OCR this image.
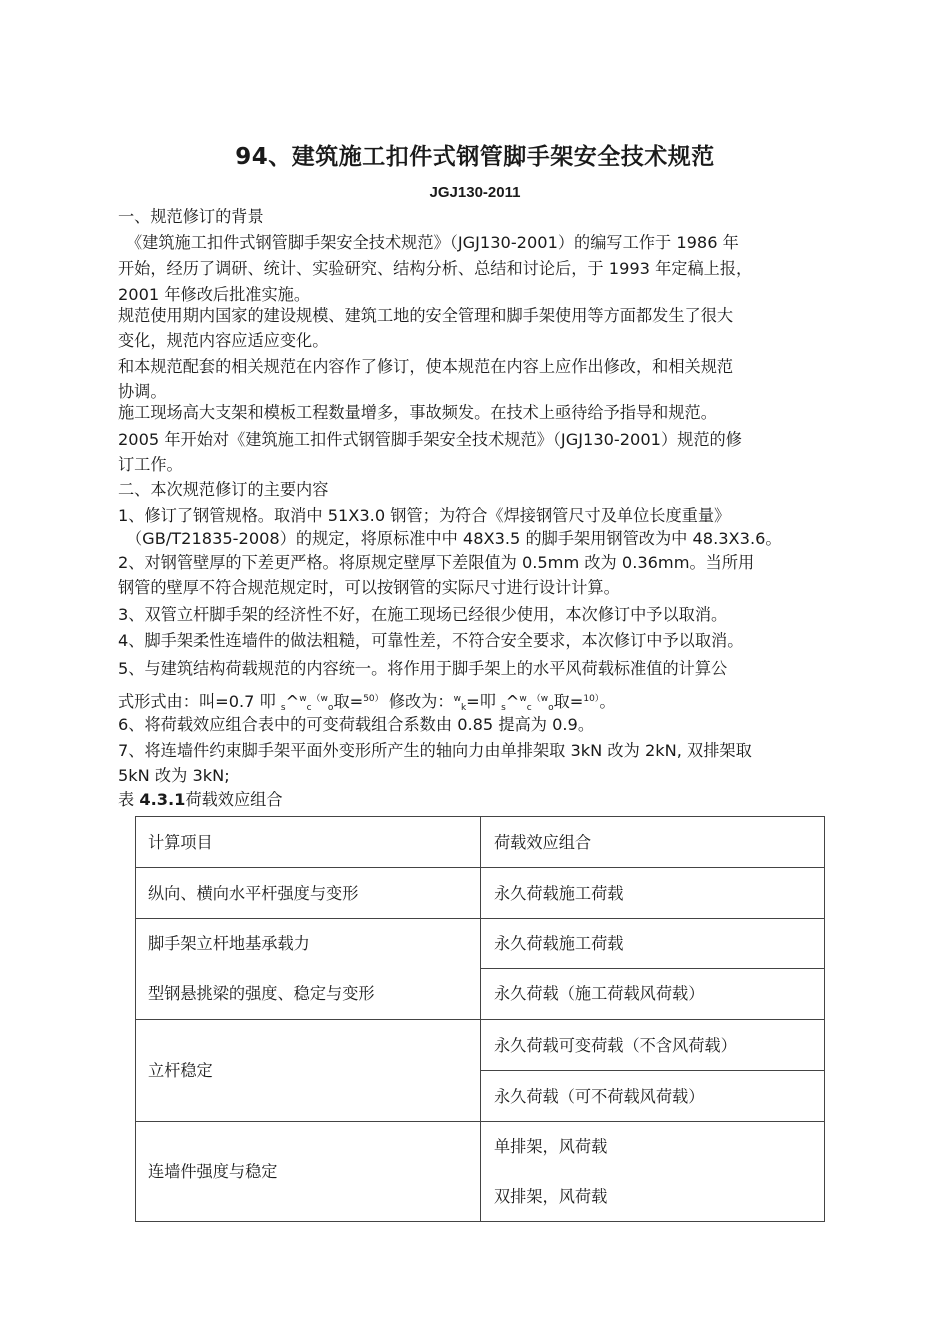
94、建筑施工扣件式钢管脚手架安全技术规范
JGJ130-2011
一、规范修订的背景
《建筑施工扣件式钢管脚手架安全技术规范》（JGJ130-2001）的编写工作于 1986 年
开始，经历了调研、统计、实验研究、结构分析、总结和讨论后，于 1993 年定稿上报，
2001 年修改后批准实施。
规范使用期内国家的建设规模、建筑工地的安全管理和脚手架使用等方面都发生了很大
变化，规范内容应适应变化。
和本规范配套的相关规范在内容作了修订，使本规范在内容上应作出修改，和相关规范
协调。
施工现场高大支架和模板工程数量增多，事故频发。在技术上亟待给予指导和规范。
2005 年开始对《建筑施工扣件式钢管脚手架安全技术规范》（JGJ130-2001）规范的修
订工作。
二、本次规范修订的主要内容
1、修订了钢管规格。取消中 51X3.0 钢管；为符合《焊接钢管尺寸及单位长度重量》
（GB/T21835-2008）的规定，将原标准中中 48X3.5 的脚手架用钢管改为中 48.3X3.6。
2、对钢管壁厚的下差更严格。将原规定壁厚下差限值为 0.5mm 改为 0.36mm。当所用
钢管的壁厚不符合规范规定时，可以按钢管的实际尺寸进行设计计算。
3、双管立杆脚手架的经济性不好，在施工现场已经很少使用，本次修订中予以取消。
4、脚手架柔性连墙件的做法粗糙，可靠性差，不符合安全要求，本次修订中予以取消。
5、与建筑结构荷载规范的内容统一。将作用于脚手架上的水平风荷载标准值的计算公
式形式由：叫=0.7 叩 $_s$^$^w_c^{(w}_o$取=$^{50)}$ 修改为：$^w_k$=叩 $_s$^$^w_c^{(w}_o$取=$^{10)}$。
6、将荷载效应组合表中的可变荷载组合系数由 0.85 提高为 0.9。
7、将连墙件约束脚手架平面外变形所产生的轴向力由单排架取 3kN 改为 2kN, 双排架取
5kN 改为 3kN;
表 4.3.1荷载效应组合
计算项目	荷载效应组合
纵向、横向水平杆强度与变形	永久荷载施工荷载
脚手架立杆地基承载力
型钢悬挑梁的强度、稳定与变形
永久荷载施工荷载
永久荷载（施工荷载风荷载）
立杆稳定
永久荷载可变荷载（不含风荷载）
永久荷载（可不荷载风荷载）
连墙件强度与稳定
单排架，风荷载
双排架，风荷载
